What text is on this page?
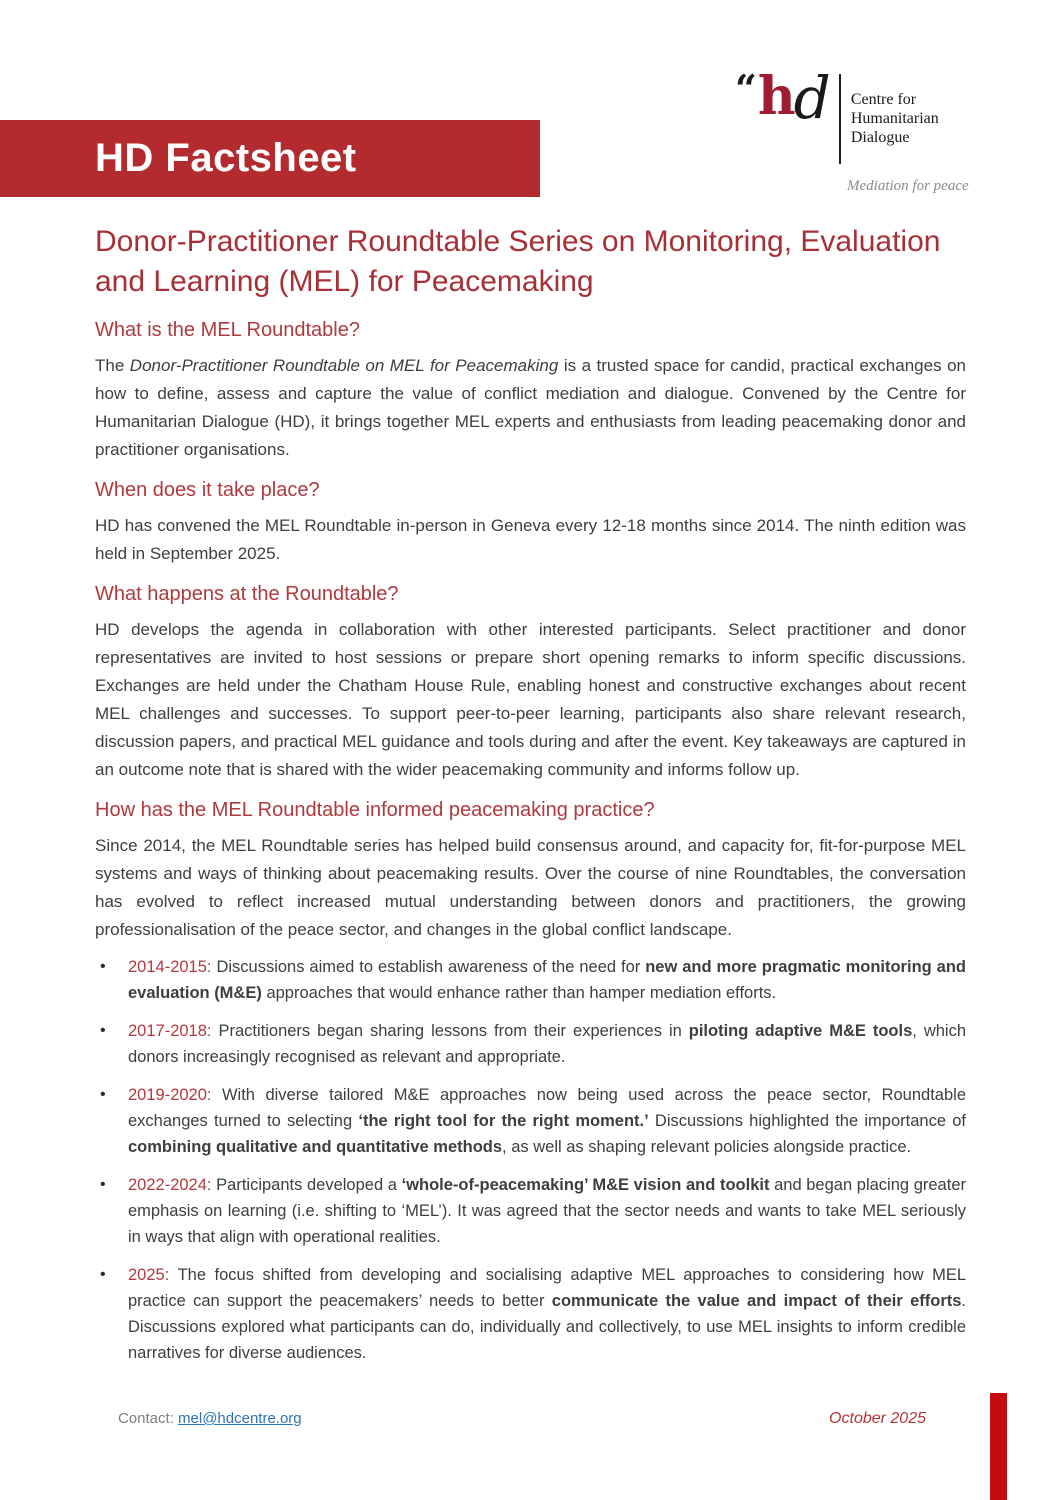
HD Factsheet
“ h
d Centre for
Humanitarian
Dialogue
Mediation for peace
Donor-Practitioner Roundtable Series on Monitoring, Evaluation and Learning (MEL) for Peacemaking
What is the MEL Roundtable?

The Donor-Practitioner Roundtable on MEL for Peacemaking is a trusted space for candid, practical exchanges on how to define, assess and capture the value of conflict mediation and dialogue. Convened by the Centre for Humanitarian Dialogue (HD), it brings together MEL experts and enthusiasts from leading peacemaking donor and practitioner organisations.

When does it take place?

HD has convened the MEL Roundtable in-person in Geneva every 12-18 months since 2014. The ninth edition was held in September 2025.

What happens at the Roundtable?

HD develops the agenda in collaboration with other interested participants. Select practitioner and donor representatives are invited to host sessions or prepare short opening remarks to inform specific discussions. Exchanges are held under the Chatham House Rule, enabling honest and constructive exchanges about recent MEL challenges and successes. To support peer-to-peer learning, participants also share relevant research, discussion papers, and practical MEL guidance and tools during and after the event. Key takeaways are captured in an outcome note that is shared with the wider peacemaking community and informs follow up.

How has the MEL Roundtable informed peacemaking practice?

Since 2014, the MEL Roundtable series has helped build consensus around, and capacity for, fit-for-purpose MEL systems and ways of thinking about peacemaking results. Over the course of nine Roundtables, the conversation has evolved to reflect increased mutual understanding between donors and practitioners, the growing professionalisation of the peace sector, and changes in the global conflict landscape.

• 2014-2015: Discussions aimed to establish awareness of the need for new and more pragmatic monitoring and evaluation (M&E) approaches that would enhance rather than hamper mediation efforts.
• 2017-2018: Practitioners began sharing lessons from their experiences in piloting adaptive M&E tools, which donors increasingly recognised as relevant and appropriate.
• 2019-2020: With diverse tailored M&E approaches now being used across the peace sector, Roundtable exchanges turned to selecting ‘the right tool for the right moment.’ Discussions highlighted the importance of combining qualitative and quantitative methods, as well as shaping relevant policies alongside practice.
• 2022-2024: Participants developed a ‘whole-of-peacemaking’ M&E vision and toolkit and began placing greater emphasis on learning (i.e. shifting to ‘MEL’). It was agreed that the sector needs and wants to take MEL seriously in ways that align with operational realities.
• 2025: The focus shifted from developing and socialising adaptive MEL approaches to considering how MEL practice can support the peacemakers’ needs to better communicate the value and impact of their efforts. Discussions explored what participants can do, individually and collectively, to use MEL insights to inform credible narratives for diverse audiences.
Contact: mel@hdcentre.org	October 2025
